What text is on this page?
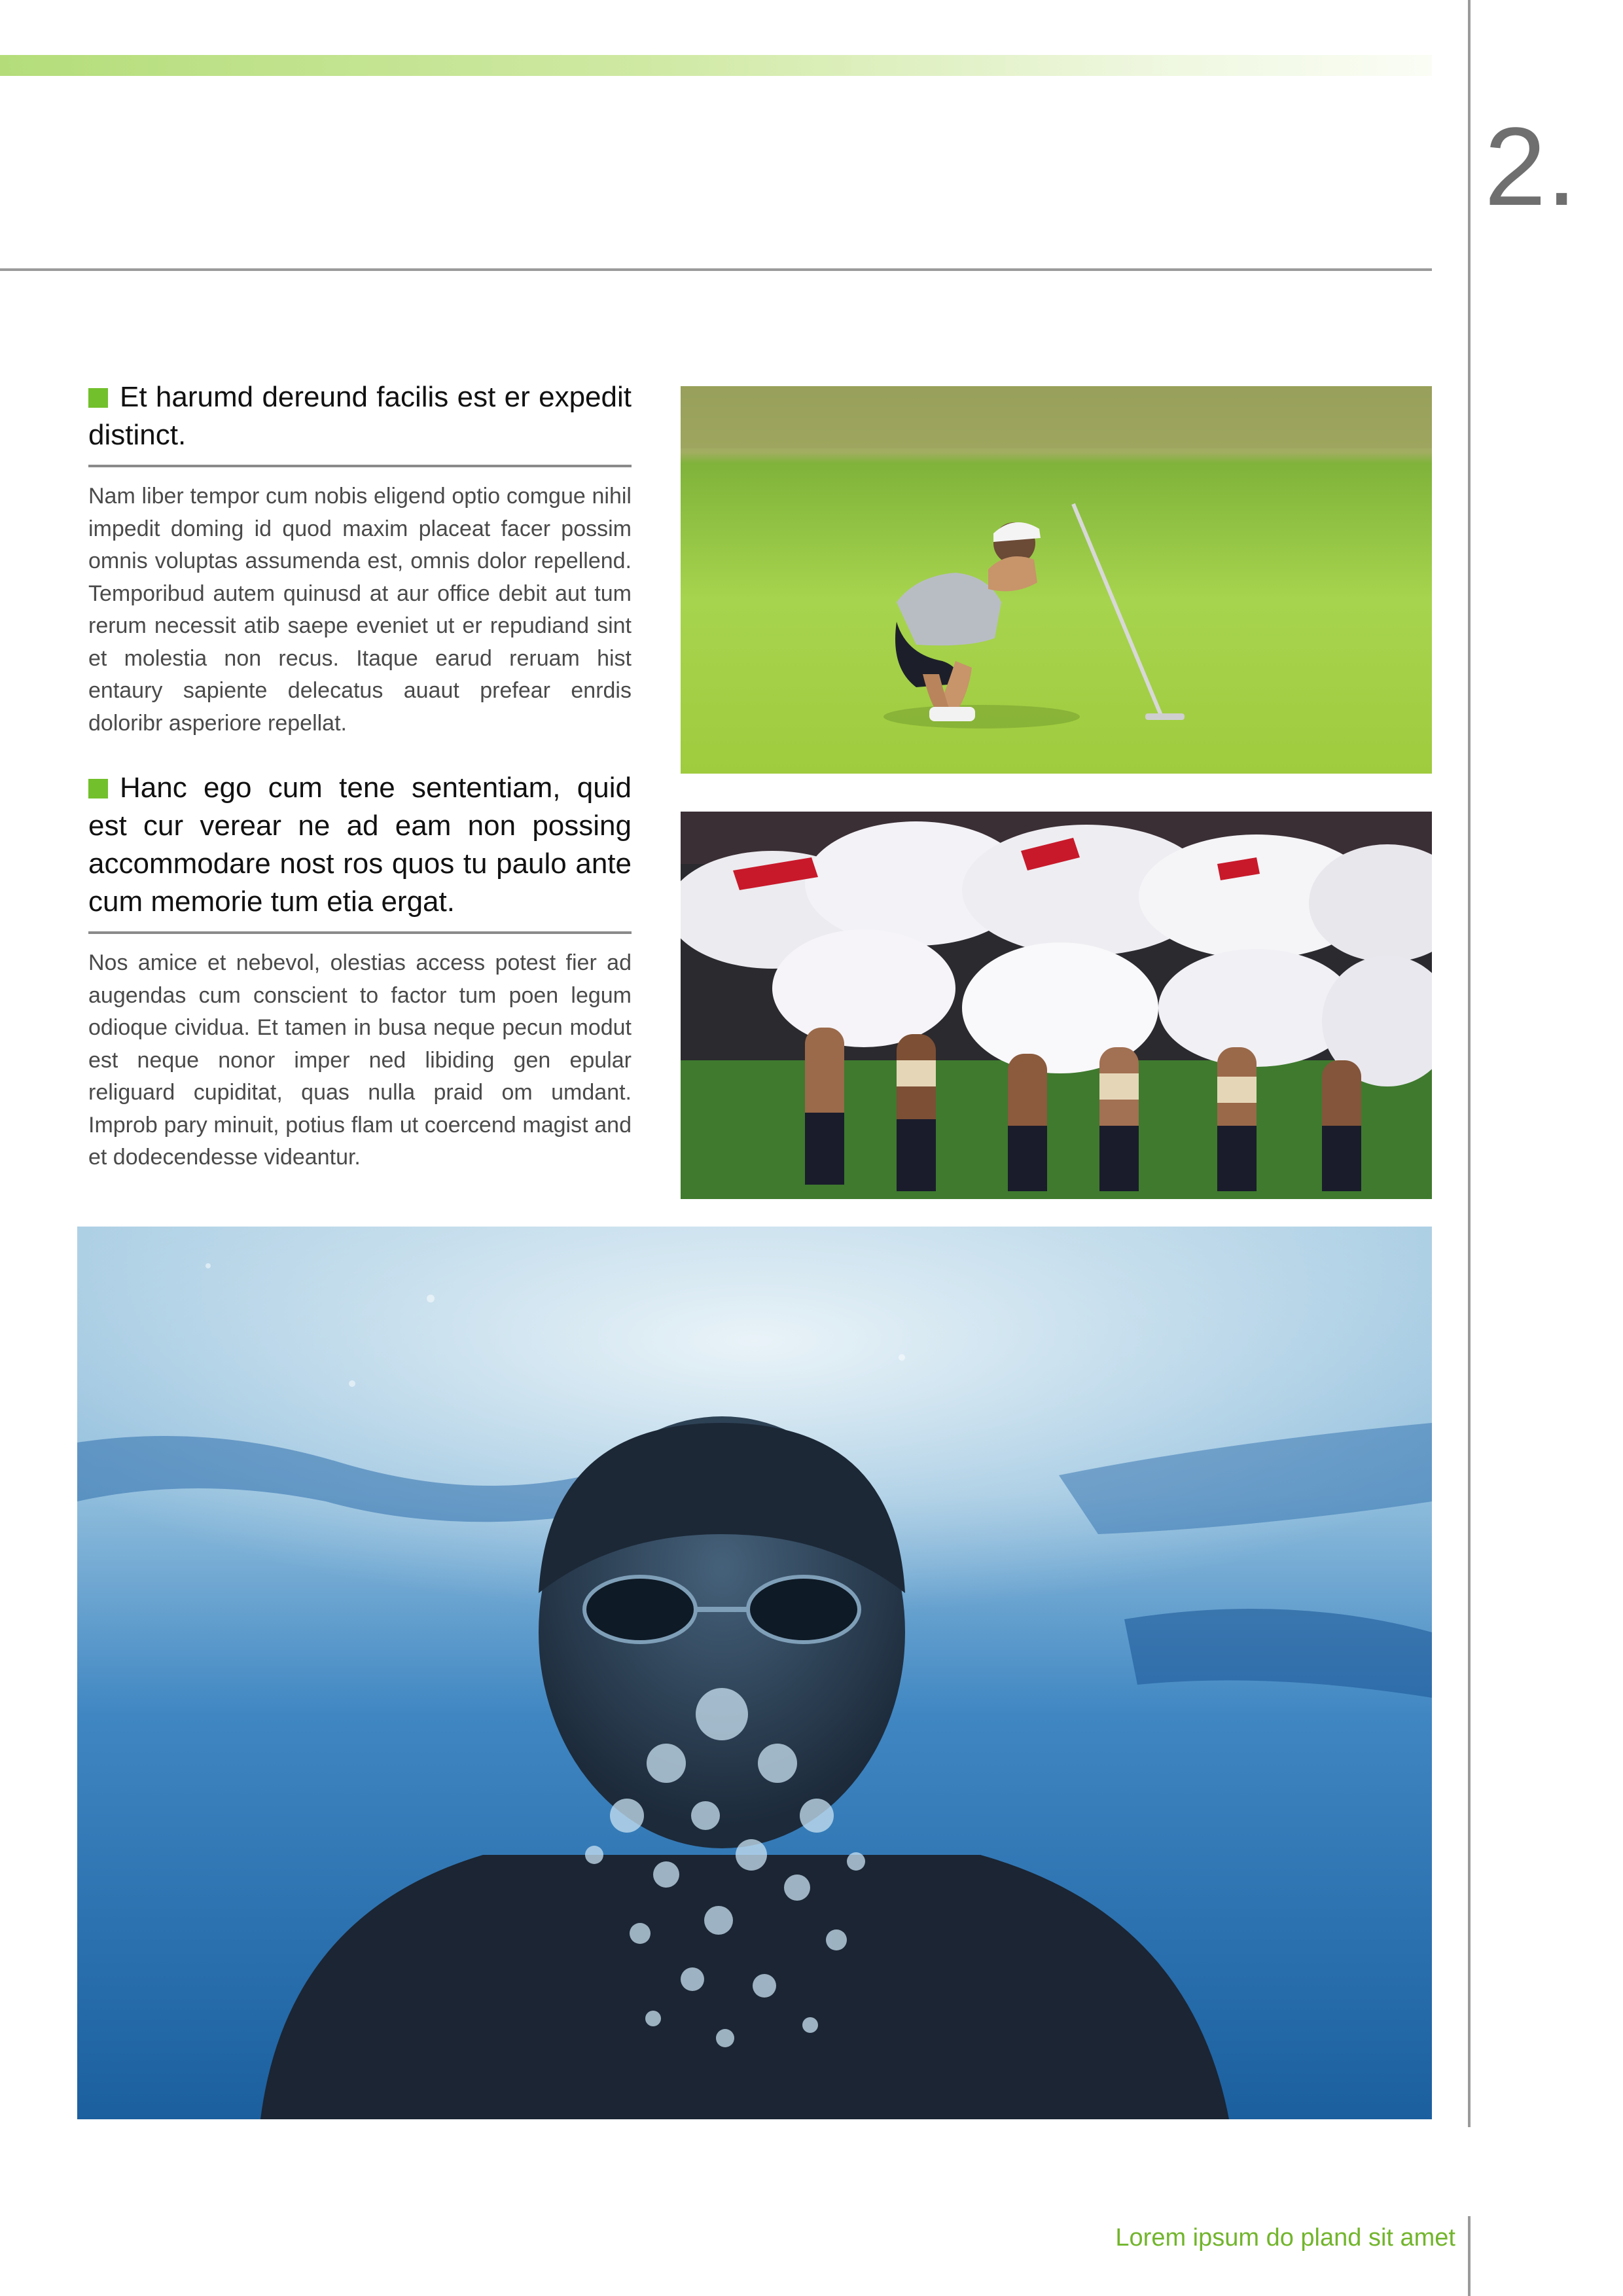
2.
Et harumd dereund facilis est er expedit distinct.
Nam liber tempor cum nobis eligend optio comgue nihil impedit doming id quod maxim placeat facer possim omnis voluptas assumenda est, omnis dolor repellend. Temporibud autem quinusd at aur office debit aut tum rerum necessit atib saepe eveniet ut er repudiand sint et molestia non recus. Itaque earud reruam hist entaury sapiente delecatus auaut prefear enrdis doloribr asperiore repellat.
Hanc ego cum tene sententiam, quid est cur verear ne ad eam non possing accommodare nost ros quos tu paulo ante cum memorie tum etia ergat.
Nos amice et nebevol, olestias access potest fier ad augendas cum conscient to factor tum poen legum odioque cividua. Et tamen in busa neque pecun modut est neque nonor imper ned libiding gen epular religuard cupiditat, quas nulla praid om umdant. Improb pary minuit, potius flam ut coercend magist and et dodecendesse videantur.
Lorem ipsum do pland sit amet
